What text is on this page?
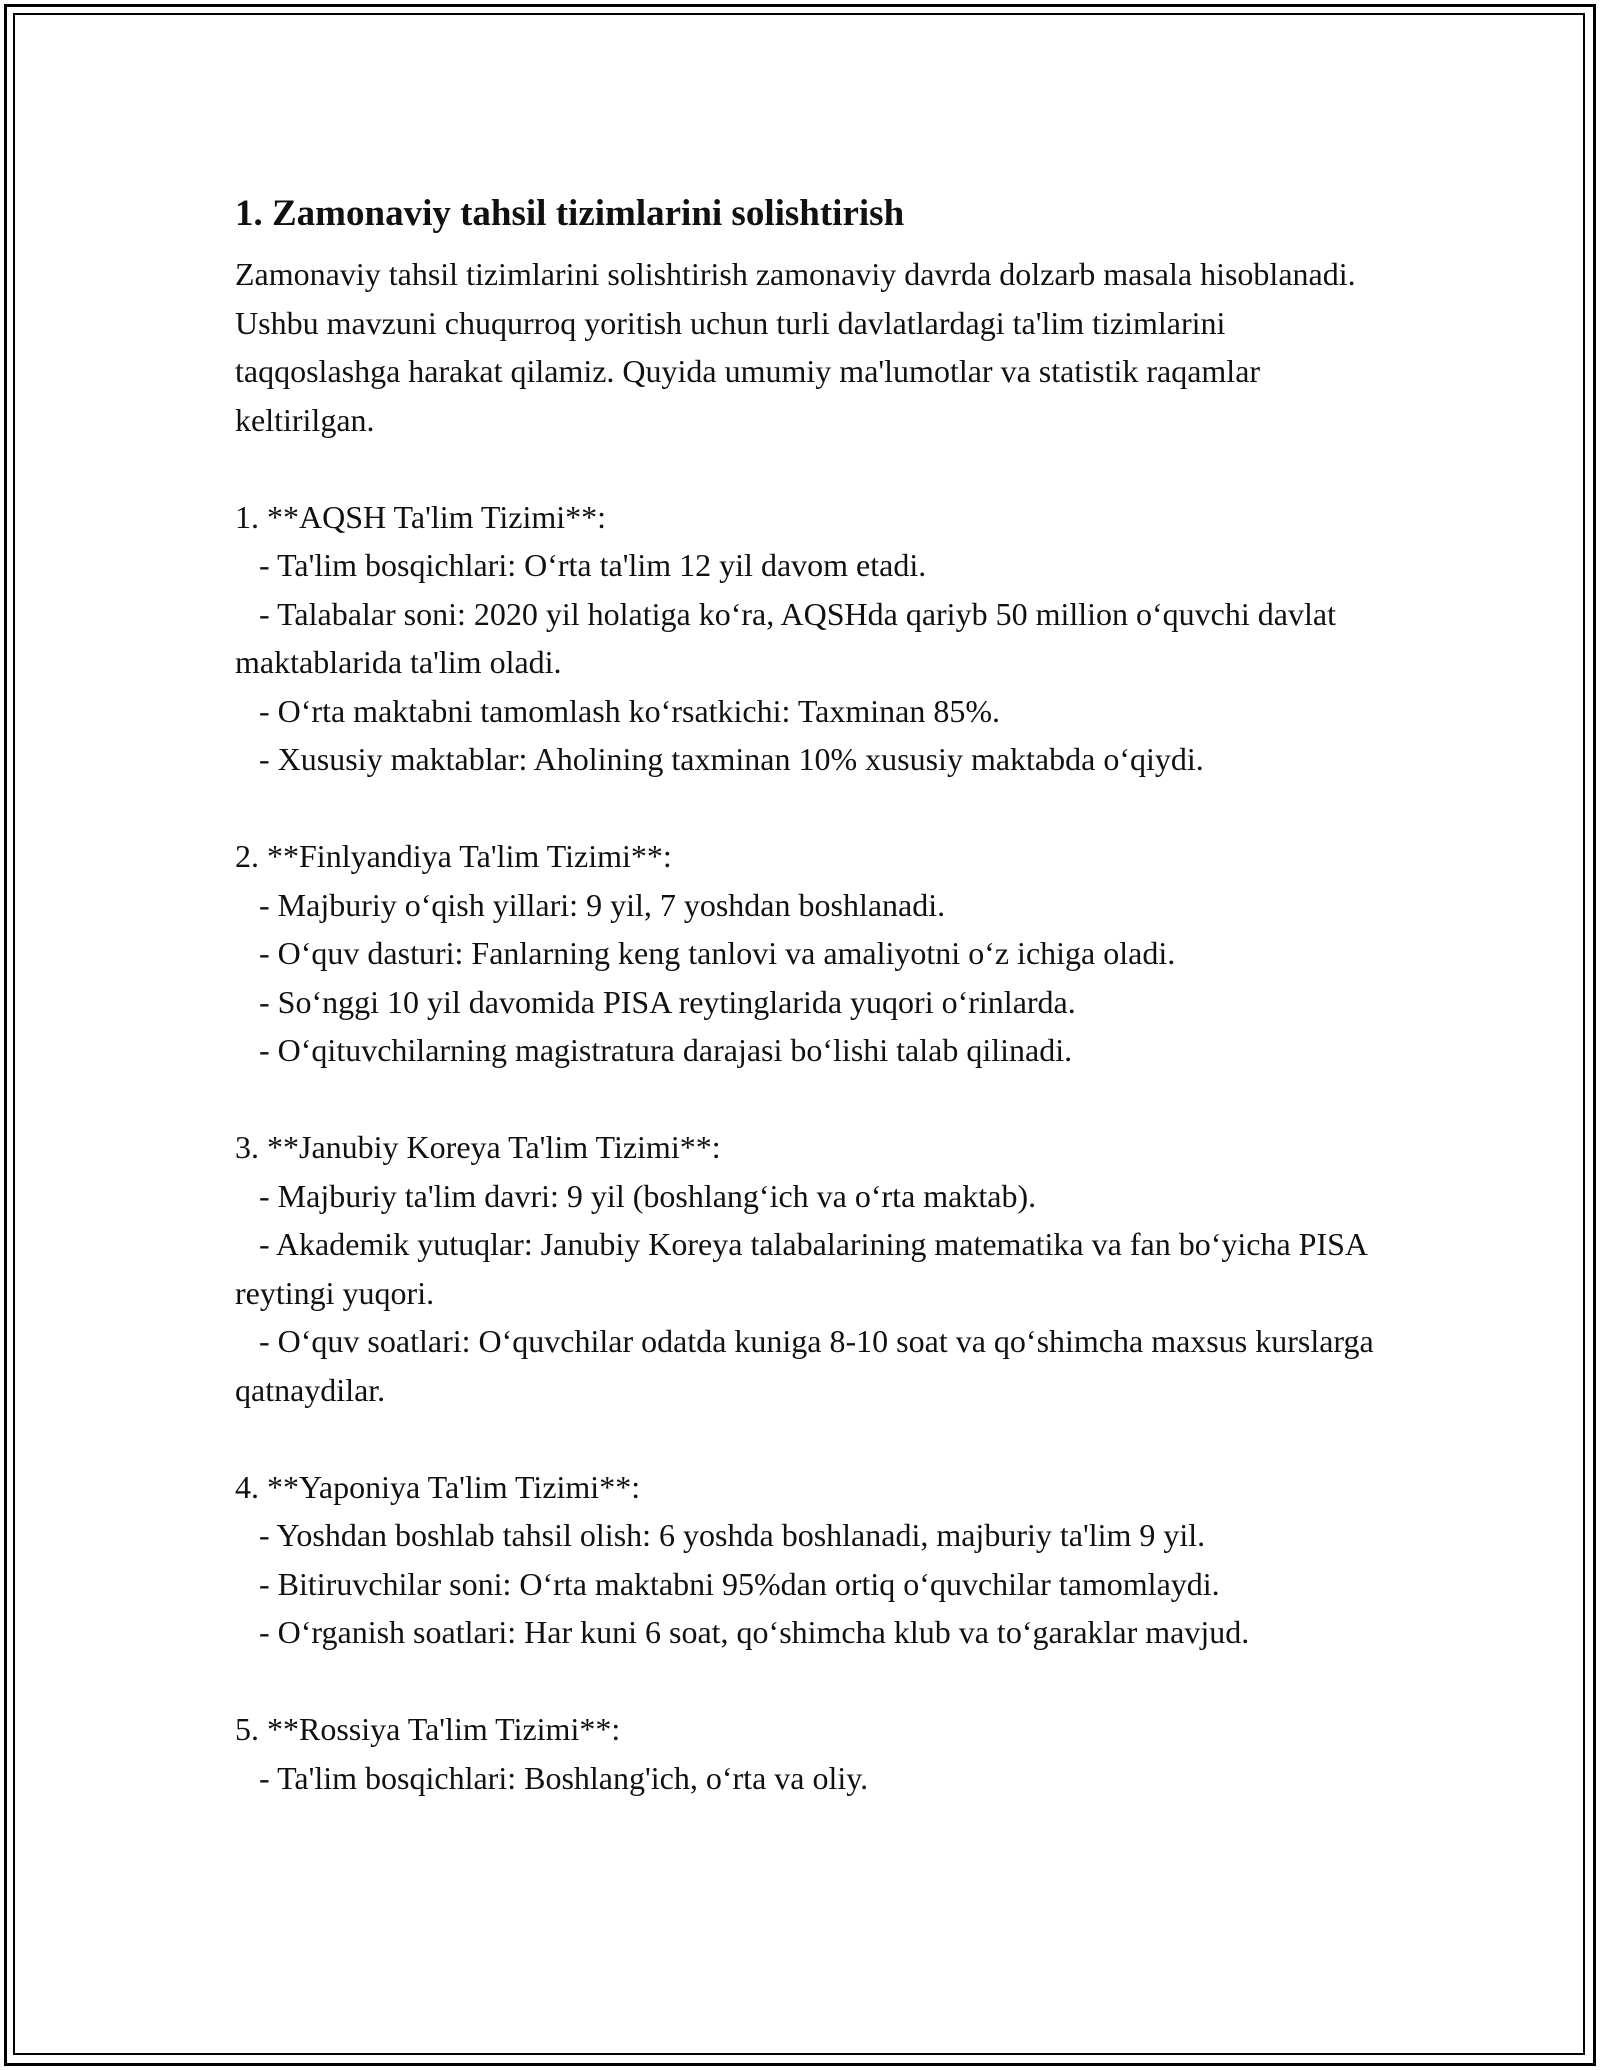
1. Zamonaviy tahsil tizimlarini solishtirish

Zamonaviy tahsil tizimlarini solishtirish zamonaviy davrda dolzarb masala hisoblanadi. Ushbu mavzuni chuqurroq yoritish uchun turli davlatlardagi ta'lim tizimlarini taqqoslashga harakat qilamiz. Quyida umumiy ma'lumotlar va statistik raqamlar keltirilgan.

1. **AQSH Ta'lim Tizimi**:

- Ta'lim bosqichlari: O‘rta ta'lim 12 yil davom etadi.

- Talabalar soni: 2020 yil holatiga ko‘ra, AQSHda qariyb 50 million o‘quvchi davlat maktablarida ta'lim oladi.

- O‘rta maktabni tamomlash ko‘rsatkichi: Taxminan 85%.

- Xususiy maktablar: Aholining taxminan 10% xususiy maktabda o‘qiydi.

2. **Finlyandiya Ta'lim Tizimi**:

- Majburiy o‘qish yillari: 9 yil, 7 yoshdan boshlanadi.

- O‘quv dasturi: Fanlarning keng tanlovi va amaliyotni o‘z ichiga oladi.

- So‘nggi 10 yil davomida PISA reytinglarida yuqori o‘rinlarda.

- O‘qituvchilarning magistratura darajasi bo‘lishi talab qilinadi.

3. **Janubiy Koreya Ta'lim Tizimi**:

- Majburiy ta'lim davri: 9 yil (boshlang‘ich va o‘rta maktab).

- Akademik yutuqlar: Janubiy Koreya talabalarining matematika va fan bo‘yicha PISA reytingi yuqori.

- O‘quv soatlari: O‘quvchilar odatda kuniga 8-10 soat va qo‘shimcha maxsus kurslarga qatnaydilar.

4. **Yaponiya Ta'lim Tizimi**:

- Yoshdan boshlab tahsil olish: 6 yoshda boshlanadi, majburiy ta'lim 9 yil.

- Bitiruvchilar soni: O‘rta maktabni 95%dan ortiq o‘quvchilar tamomlaydi.

- O‘rganish soatlari: Har kuni 6 soat, qo‘shimcha klub va to‘garaklar mavjud.

5. **Rossiya Ta'lim Tizimi**:

- Ta'lim bosqichlari: Boshlang'ich, o‘rta va oliy.
